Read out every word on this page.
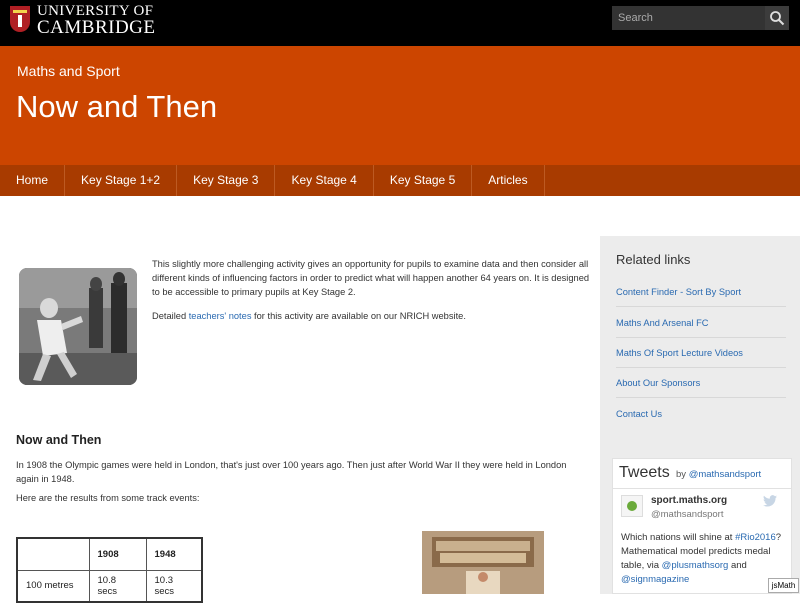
UNIVERSITY OF
CAMBRIDGE
Search
Maths and Sport
Now and Then
Home	Key Stage 1+2	Key Stage 3	Key Stage 4	Key Stage 5	Articles

This slightly more challenging activity gives an opportunity for pupils to examine data and then consider all different kinds of influencing factors in order to predict what will happen another 64 years on. It is designed to be accessible to primary pupils at Key Stage 2.

Detailed teachers' notes for this activity are available on our NRICH website.

Now and Then

In 1908 the Olympic games were held in London, that's just over 100 years ago. Then just after World War II they were held in London again in 1948.

Here are the results from some track events:

	1908	1948
100 metres	10.8 secs	10.3 secs
Related links
Content Finder - Sort By Sport
Maths And Arsenal FC
Maths Of Sport Lecture Videos
About Our Sponsors
Contact Us
Tweets by @mathsandsport
sport.maths.org
@mathsandsport
Which nations will shine at #Rio2016? Mathematical model predicts medal table, via @plusmathsorg and @signmagazine
jsMath
